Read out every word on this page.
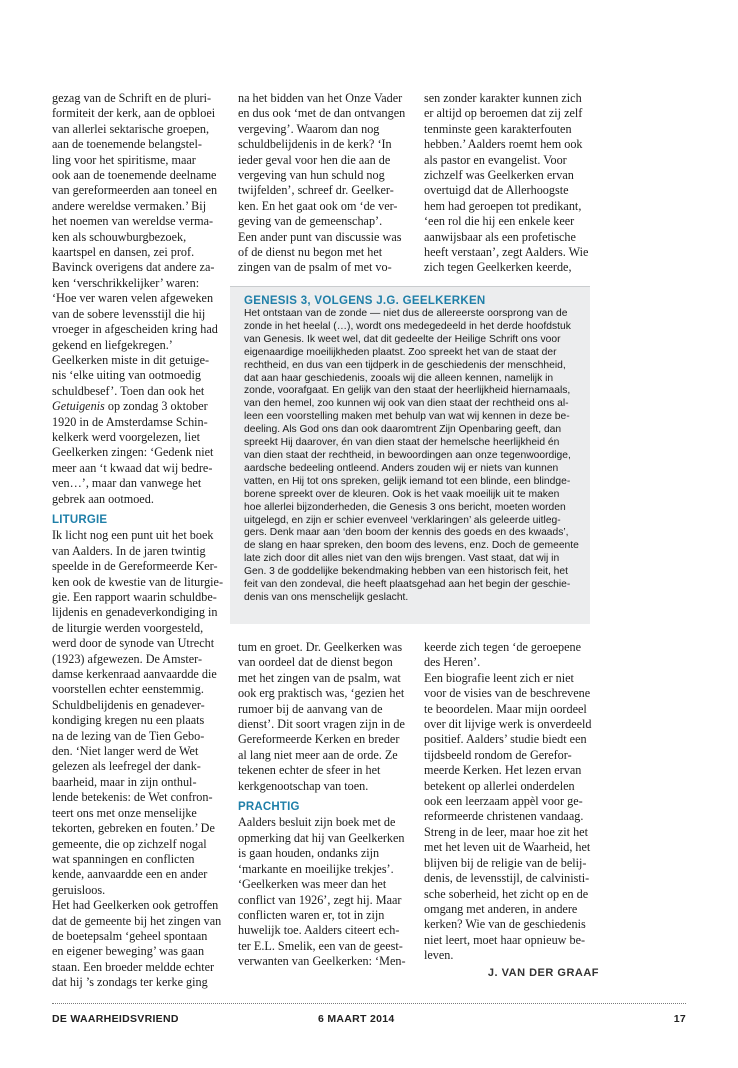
gezag van de Schrift en de pluri-
formiteit der kerk, aan de opbloei
van allerlei sektarische groepen,
aan de toenemende belangstel-
ling voor het spiritisme, maar
ook aan de toenemende deelname
van gereformeerden aan toneel en
andere wereldse vermaken.’ Bij
het noemen van wereldse verma-
ken als schouwburgbezoek,
kaartspel en dansen, zei prof.
Bavinck overigens dat andere za-
ken ‘verschrikkelijker’ waren:
‘Hoe ver waren velen afgeweken
van de sobere levensstijl die hij
vroeger in afgescheiden kring had
gekend en liefgekregen.’
Geelkerken miste in dit getuige-
nis ‘elke uiting van ootmoedig
schuldbesef’. Toen dan ook het
Getuigenis op zondag 3 oktober
1920 in de Amsterdamse Schin-
kelkerk werd voorgelezen, liet
Geelkerken zingen: ‘Gedenk niet
meer aan ‘t kwaad dat wij bedre-
ven…’, maar dan vanwege het
gebrek aan ootmoed.
LITURGIE
Ik licht nog een punt uit het boek
van Aalders. In de jaren twintig
speelde in de Gereformeerde Ker-
ken ook de kwestie van de liturgie-
gie. Een rapport waarin schuldbe-
lijdenis en genadeverkondiging in
de liturgie werden voorgesteld,
werd door de synode van Utrecht
(1923) afgewezen. De Amster-
damse kerkenraad aanvaardde die
voorstellen echter eenstemmig.
Schuldbelijdenis en genadever-
kondiging kregen nu een plaats
na de lezing van de Tien Gebo-
den. ‘Niet langer werd de Wet
gelezen als leefregel der dank-
baarheid, maar in zijn onthul-
lende betekenis: de Wet confron-
teert ons met onze menselijke
tekorten, gebreken en fouten.’ De
gemeente, die op zichzelf nogal
wat spanningen en conflicten
kende, aanvaardde een en ander
geruisloos.
Het had Geelkerken ook getroffen
dat de gemeente bij het zingen van
de boetepsalm ‘geheel spontaan
en eigener beweging’ was gaan
staan. Een broeder meldde echter
dat hij ’s zondags ter kerke ging
na het bidden van het Onze Vader
en dus ook ‘met de dan ontvangen
vergeving’. Waarom dan nog
schuldbelijdenis in de kerk? ‘In
ieder geval voor hen die aan de
vergeving van hun schuld nog
twijfelden’, schreef dr. Geelker-
ken. En het gaat ook om ‘de ver-
geving van de gemeenschap’.
Een ander punt van discussie was
of de dienst nu begon met het
zingen van de psalm of met vo-
sen zonder karakter kunnen zich
er altijd op beroemen dat zij zelf
tenminste geen karakterfouten
hebben.’ Aalders roemt hem ook
als pastor en evangelist. Voor
zichzelf was Geelkerken ervan
overtuigd dat de Allerhoogste
hem had geroepen tot predikant,
‘een rol die hij een enkele keer
aanwijsbaar als een profetische
heeft verstaan’, zegt Aalders. Wie
zich tegen Geelkerken keerde,
GENESIS 3, VOLGENS J.G. GEELKERKEN
Het ontstaan van de zonde — niet dus de allereerste oorsprong van de
zonde in het heelal (…), wordt ons medegedeeld in het derde hoofdstuk
van Genesis. Ik weet wel, dat dit gedeelte der Heilige Schrift ons voor
eigenaardige moeilijkheden plaatst. Zoo spreekt het van de staat der
rechtheid, en dus van een tijdperk in de geschiedenis der menschheid,
dat aan haar geschiedenis, zooals wij die alleen kennen, namelijk in
zonde, voorafgaat. En gelijk van den staat der heerlijkheid hiernamaals,
van den hemel, zoo kunnen wij ook van dien staat der rechtheid ons al-
leen een voorstelling maken met behulp van wat wij kennen in deze be-
deeling. Als God ons dan ook daaromtrent Zijn Openbaring geeft, dan
spreekt Hij daarover, én van dien staat der hemelsche heerlijkheid én
van dien staat der rechtheid, in bewoordingen aan onze tegenwoordige,
aardsche bedeeling ontleend. Anders zouden wij er niets van kunnen
vatten, en Hij tot ons spreken, gelijk iemand tot een blinde, een blindge-
borene spreekt over de kleuren. Ook is het vaak moeilijk uit te maken
hoe allerlei bijzonderheden, die Genesis 3 ons bericht, moeten worden
uitgelegd, en zijn er schier evenveel ‘verklaringen’ als geleerde uitleg-
gers. Denk maar aan ‘den boom der kennis des goeds en des kwaads’,
de slang en haar spreken, den boom des levens, enz. Doch de gemeente
late zich door dit alles niet van den wijs brengen. Vast staat, dat wij in
Gen. 3 de goddelijke bekendmaking hebben van een historisch feit, het
feit van den zondeval, die heeft plaatsgehad aan het begin der geschie-
denis van ons menschelijk geslacht.
tum en groet. Dr. Geelkerken was
van oordeel dat de dienst begon
met het zingen van de psalm, wat
ook erg praktisch was, ‘gezien het
rumoer bij de aanvang van de
dienst’. Dit soort vragen zijn in de
Gereformeerde Kerken en breder
al lang niet meer aan de orde. Ze
tekenen echter de sfeer in het
kerkgenootschap van toen.
PRACHTIG
Aalders besluit zijn boek met de
opmerking dat hij van Geelkerken
is gaan houden, ondanks zijn
‘markante en moeilijke trekjes’.
‘Geelkerken was meer dan het
conflict van 1926’, zegt hij. Maar
conflicten waren er, tot in zijn
huwelijk toe. Aalders citeert ech-
ter E.L. Smelik, een van de geest-
verwanten van Geelkerken: ‘Men-
keerde zich tegen ‘de geroepene
des Heren’.
Een biografie leent zich er niet
voor de visies van de beschrevene
te beoordelen. Maar mijn oordeel
over dit lijvige werk is onverdeeld
positief. Aalders’ studie biedt een
tijdsbeeld rondom de Gerefor-
meerde Kerken. Het lezen ervan
betekent op allerlei onderdelen
ook een leerzaam appèl voor ge-
reformeerde christenen vandaag.
Streng in de leer, maar hoe zit het
met het leven uit de Waarheid, het
blijven bij de religie van de belij-
denis, de levensstijl, de calvinisti-
sche soberheid, het zicht op en de
omgang met anderen, in andere
kerken? Wie van de geschiedenis
niet leert, moet haar opnieuw be-
leven.
J. VAN DER GRAAF
DE WAARHEIDSVRIEND	6 MAART 2014	17
